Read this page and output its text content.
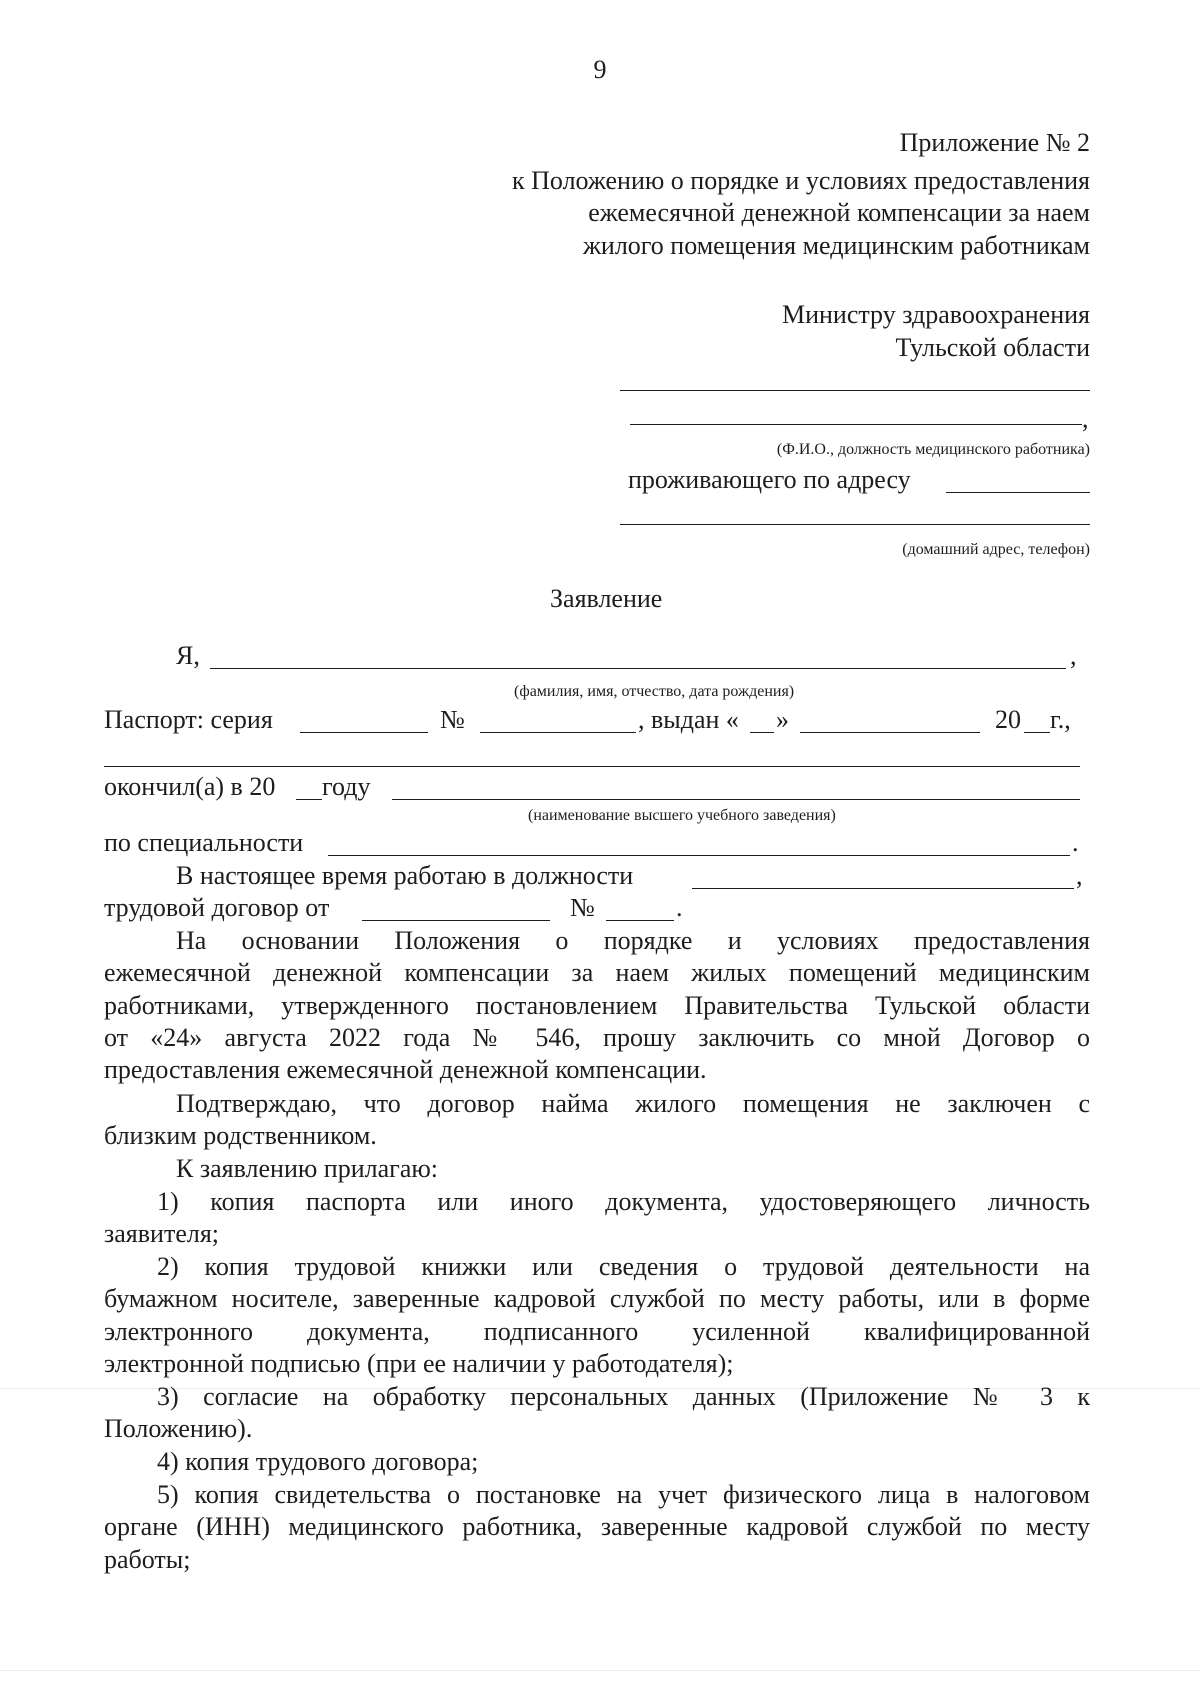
9
Приложение № 2
к Положению о порядке и условиях предоставления
ежемесячной денежной компенсации за наем
жилого помещения медицинским работникам
Министру здравоохранения
Тульской области
,
(Ф.И.О., должность медицинского работника)
проживающего по адресу
(домашний адрес, телефон)
Заявление
Я,	,
(фамилия, имя, отчество, дата рождения)
Паспорт: серия	№	, выдан « »	20 г.,
окончил(а) в 20 году
(наименование высшего учебного заведения)
по специальности	.
В настоящее время работаю в должности	,
трудовой договор от	№	.
На основании Положения о порядке и условиях предоставления
ежемесячной денежной компенсации за наем жилых помещений медицинским
работниками, утвержденного постановлением Правительства Тульской области
от «24» августа 2022 года № 546, прошу заключить со мной Договор о
предоставления ежемесячной денежной компенсации.
Подтверждаю, что договор найма жилого помещения не заключен с
близким родственником.
К заявлению прилагаю:
1) копия паспорта или иного документа, удостоверяющего личность
заявителя;
2) копия трудовой книжки или сведения о трудовой деятельности на
бумажном носителе, заверенные кадровой службой по месту работы, или в форме
электронного документа, подписанного усиленной квалифицированной
электронной подписью (при ее наличии у работодателя);
3) согласие на обработку персональных данных (Приложение № 3 к
Положению).
4) копия трудового договора;
5) копия свидетельства о постановке на учет физического лица в налоговом
органе (ИНН) медицинского работника, заверенные кадровой службой по месту
работы;
